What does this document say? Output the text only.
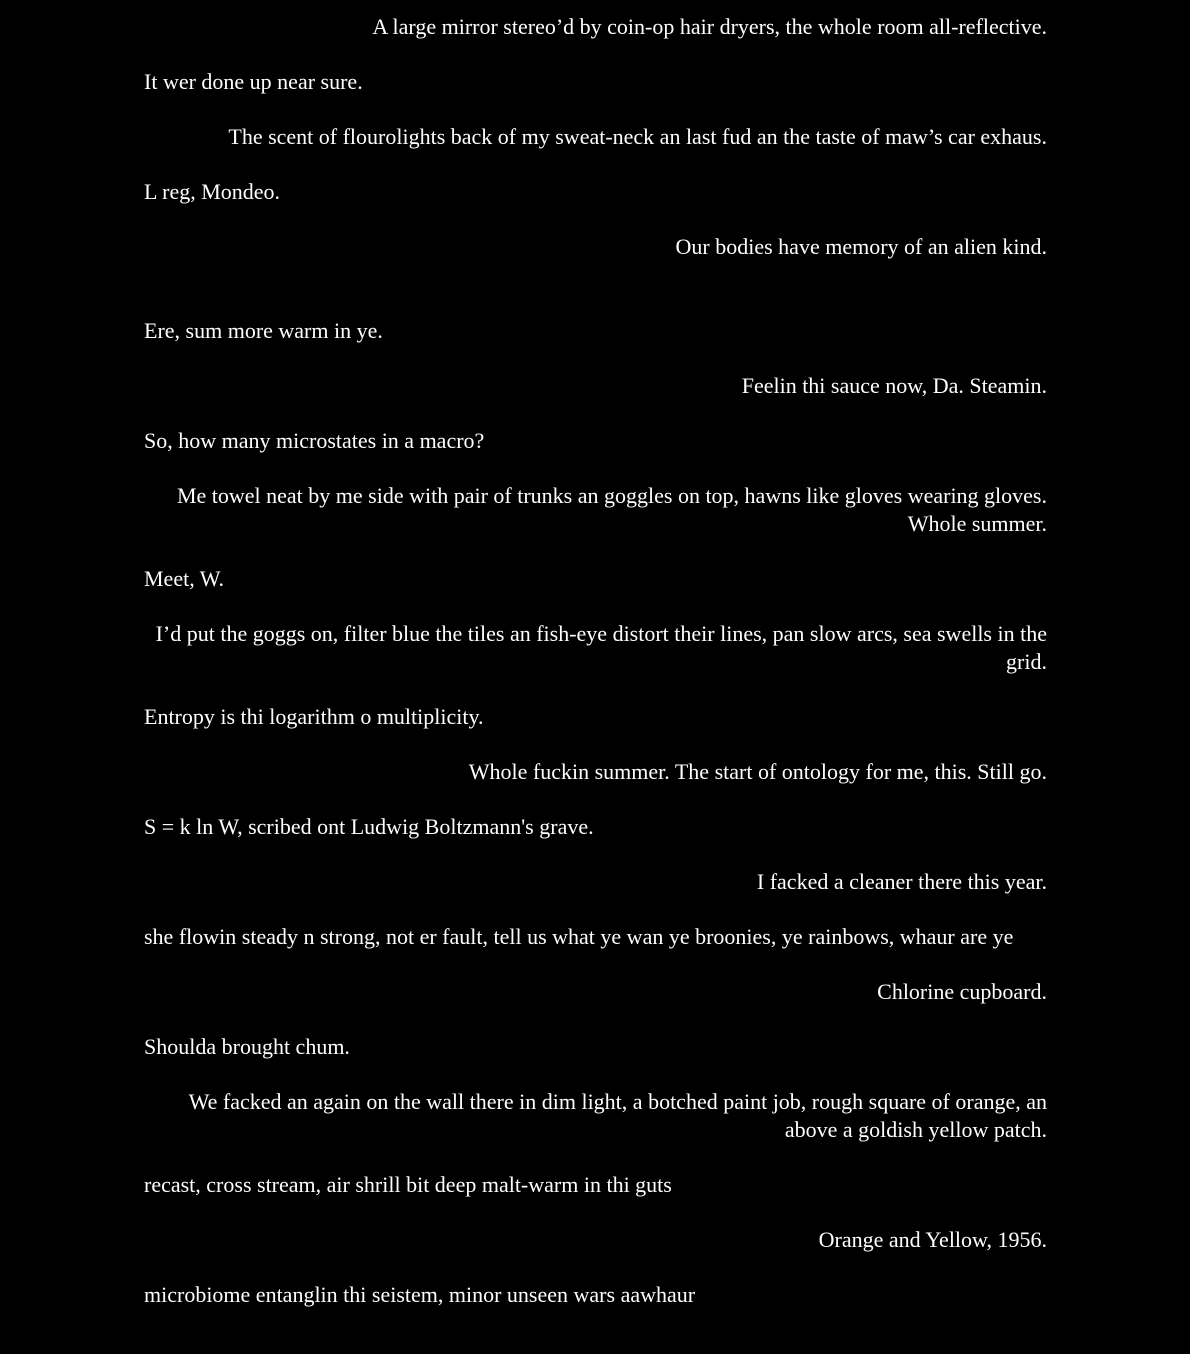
A large mirror stereo’d by coin-op hair dryers, the whole room all-reflective.

It wer done up near sure.

The scent of flourolights back of my sweat-neck an last fud an the taste of maw’s car exhaus.

L reg, Mondeo.

Our bodies have memory of an alien kind.

Ere, sum more warm in ye.

Feelin thi sauce now, Da. Steamin.

So, how many microstates in a macro?

Me towel neat by me side with pair of trunks an goggles on top, hawns like gloves wearing gloves. Whole summer.

Meet, W.

I’d put the goggs on, filter blue the tiles an fish-eye distort their lines, pan slow arcs, sea swells in the grid.

Entropy is thi logarithm o multiplicity.

Whole fuckin summer. The start of ontology for me, this. Still go.

S = k ln W, scribed ont Ludwig Boltzmann's grave.

I facked a cleaner there this year.

she flowin steady n strong, not er fault, tell us what ye wan ye broonies, ye rainbows, whaur are ye

Chlorine cupboard.

Shoulda brought chum.

We facked an again on the wall there in dim light, a botched paint job, rough square of orange, an above a goldish yellow patch.

recast, cross stream, air shrill bit deep malt-warm in thi guts

Orange and Yellow, 1956.

microbiome entanglin thi seistem, minor unseen wars aawhaur
